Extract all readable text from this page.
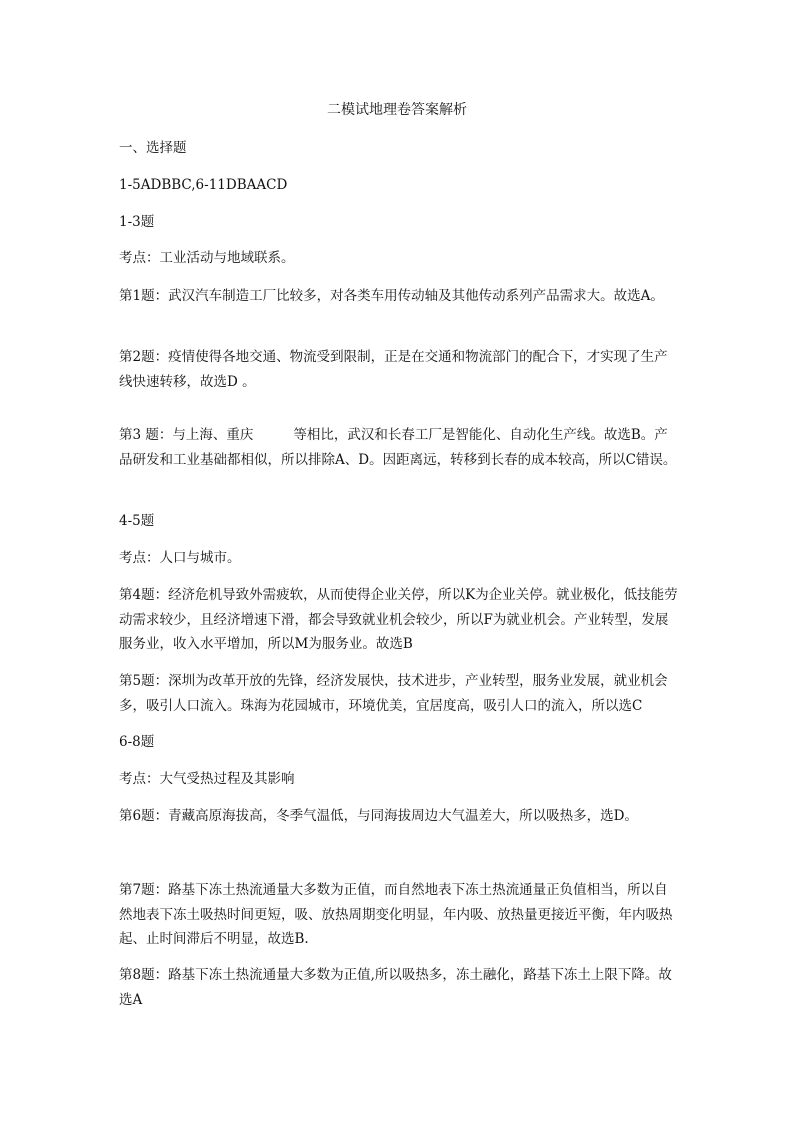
二模试地理卷答案解析
一、选择题
1-5ADBBC,6-11DBAACD
1-3题
考点：工业活动与地域联系。
第1题：武汉汽车制造工厂比较多，对各类车用传动轴及其他传动系列产品需求大。故选A。
第2题：疫情使得各地交通、物流受到限制，正是在交通和物流部门的配合下，才实现了生产线快速转移，故选D 。
第3 题：与上海、重庆	等相比，武汉和长春工厂是智能化、自动化生产线。故选B。产品研发和工业基础都相似，所以排除A、D。因距离远，转移到长春的成本较高，所以C错误。
4-5题
考点：人口与城市。
第4题：经济危机导致外需疲软，从而使得企业关停，所以K为企业关停。就业极化，低技能劳动需求较少，且经济增速下滑，都会导致就业机会较少，所以F为就业机会。产业转型，发展服务业，收入水平增加，所以M为服务业。故选B
第5题：深圳为改革开放的先锋，经济发展快，技术进步，产业转型，服务业发展，就业机会多，吸引人口流入。珠海为花园城市，环境优美，宜居度高，吸引人口的流入，所以选C
6-8题
考点：大气受热过程及其影响
第6题：青藏高原海拔高，冬季气温低，与同海拔周边大气温差大，所以吸热多，选D。
第7题：路基下冻土热流通量大多数为正值，而自然地表下冻土热流通量正负值相当，所以自然地表下冻土吸热时间更短，吸、放热周期变化明显，年内吸、放热量更接近平衡，年内吸热起、止时间滞后不明显，故选B.
第8题：路基下冻土热流通量大多数为正值,所以吸热多，冻土融化，路基下冻土上限下降。故选A
